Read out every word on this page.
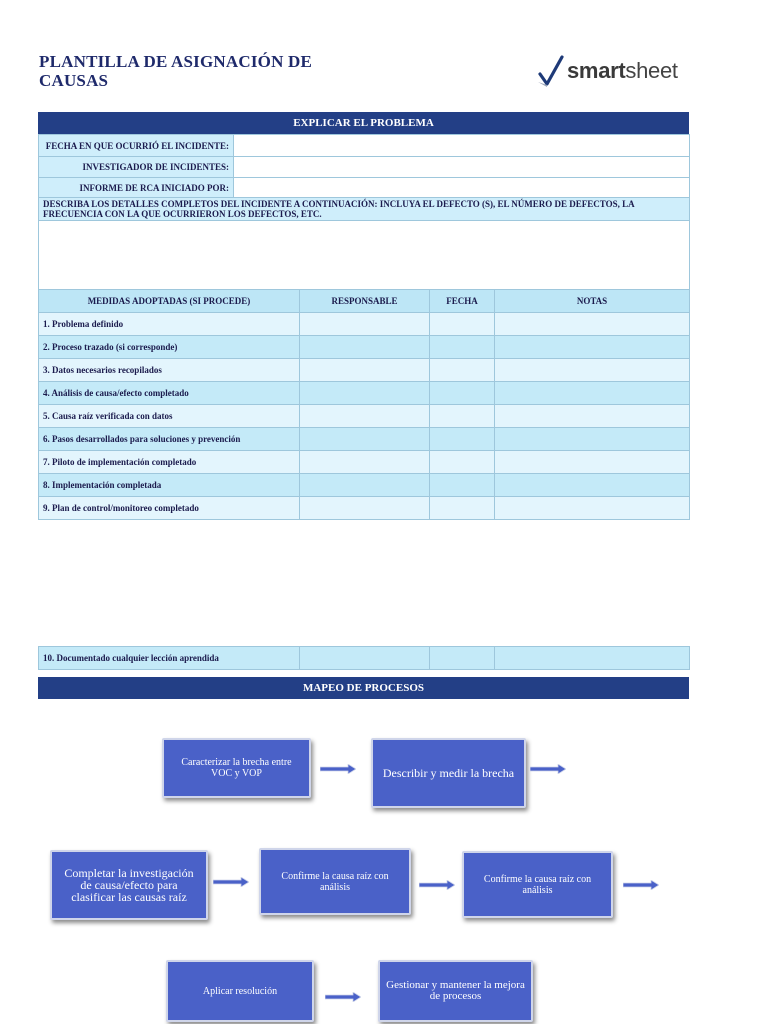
PLANTILLA DE ASIGNACIÓN DE CAUSAS	smartsheet
EXPLICAR EL PROBLEMA
FECHA EN QUE OCURRIÓ EL INCIDENTE:	
INVESTIGADOR DE INCIDENTES:	
INFORME DE RCA INICIADO POR:	
DESCRIBA LOS DETALLES COMPLETOS DEL INCIDENTE A CONTINUACIÓN: INCLUYA EL DEFECTO (S), EL NÚMERO DE DEFECTOS, LA FRECUENCIA CON LA QUE OCURRIERON LOS DEFECTOS, ETC.	

MEDIDAS ADOPTADAS (SI PROCEDE)	RESPONSABLE	FECHA	NOTAS
1. Problema definido			
2. Proceso trazado (si corresponde)			
3. Datos necesarios recopilados			
4. Análisis de causa/efecto completado			
5. Causa raíz verificada con datos			
6. Pasos desarrollados para soluciones y prevención			
7. Piloto de implementación completado			
8. Implementación completada			
9. Plan de control/monitoreo completado			
10. Documentado cualquier lección aprendida			
MAPEO DE PROCESOS
Caracterizar la brecha entre VOC y VOP	Describir y medir la brecha
Completar la investigación de causa/efecto para clasificar las causas raíz
Confirme la causa raíz con análisis
Confirme la causa raíz con análisis
Aplicar resolución	Gestionar y mantener la mejora de procesos
